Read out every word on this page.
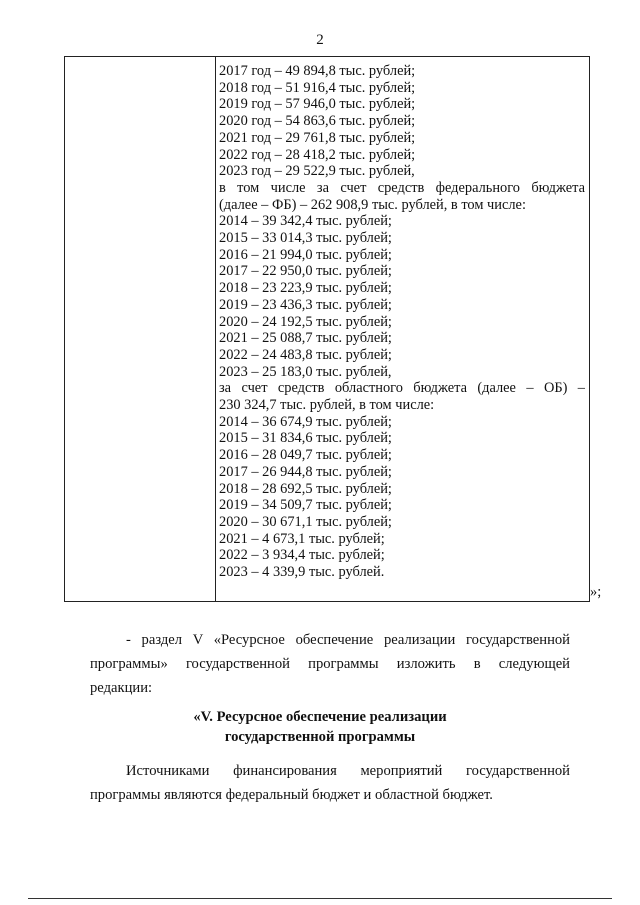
2
2017 год – 49 894,8 тыс. рублей;
2018 год – 51 916,4 тыс. рублей;
2019 год – 57 946,0 тыс. рублей;
2020 год – 54 863,6 тыс. рублей;
2021 год – 29 761,8 тыс. рублей;
2022 год – 28 418,2 тыс. рублей;
2023 год – 29 522,9 тыс. рублей,
в том числе за счет средств федерального бюджета
(далее – ФБ) – 262 908,9 тыс. рублей, в том числе:
2014 – 39 342,4 тыс. рублей;
2015 – 33 014,3 тыс. рублей;
2016 – 21 994,0 тыс. рублей;
2017 – 22 950,0 тыс. рублей;
2018 – 23 223,9 тыс. рублей;
2019 – 23 436,3 тыс. рублей;
2020 – 24 192,5 тыс. рублей;
2021 – 25 088,7 тыс. рублей;
2022 – 24 483,8 тыс. рублей;
2023 – 25 183,0 тыс. рублей,
за счет средств областного бюджета (далее – ОБ) –
230 324,7 тыс. рублей, в том числе:
2014 – 36 674,9 тыс. рублей;
2015 – 31 834,6 тыс. рублей;
2016 – 28 049,7 тыс. рублей;
2017 – 26 944,8 тыс. рублей;
2018 – 28 692,5 тыс. рублей;
2019 – 34 509,7 тыс. рублей;
2020 – 30 671,1 тыс. рублей;
2021 – 4 673,1 тыс. рублей;
2022 – 3 934,4 тыс. рублей;
2023 – 4 339,9 тыс. рублей.
»;
- раздел V «Ресурсное обеспечение реализации государственной
программы» государственной программы изложить в следующей
редакции:
«V. Ресурсное обеспечение реализации
государственной программы
Источниками финансирования мероприятий государственной
программы являются федеральный бюджет и областной бюджет.
